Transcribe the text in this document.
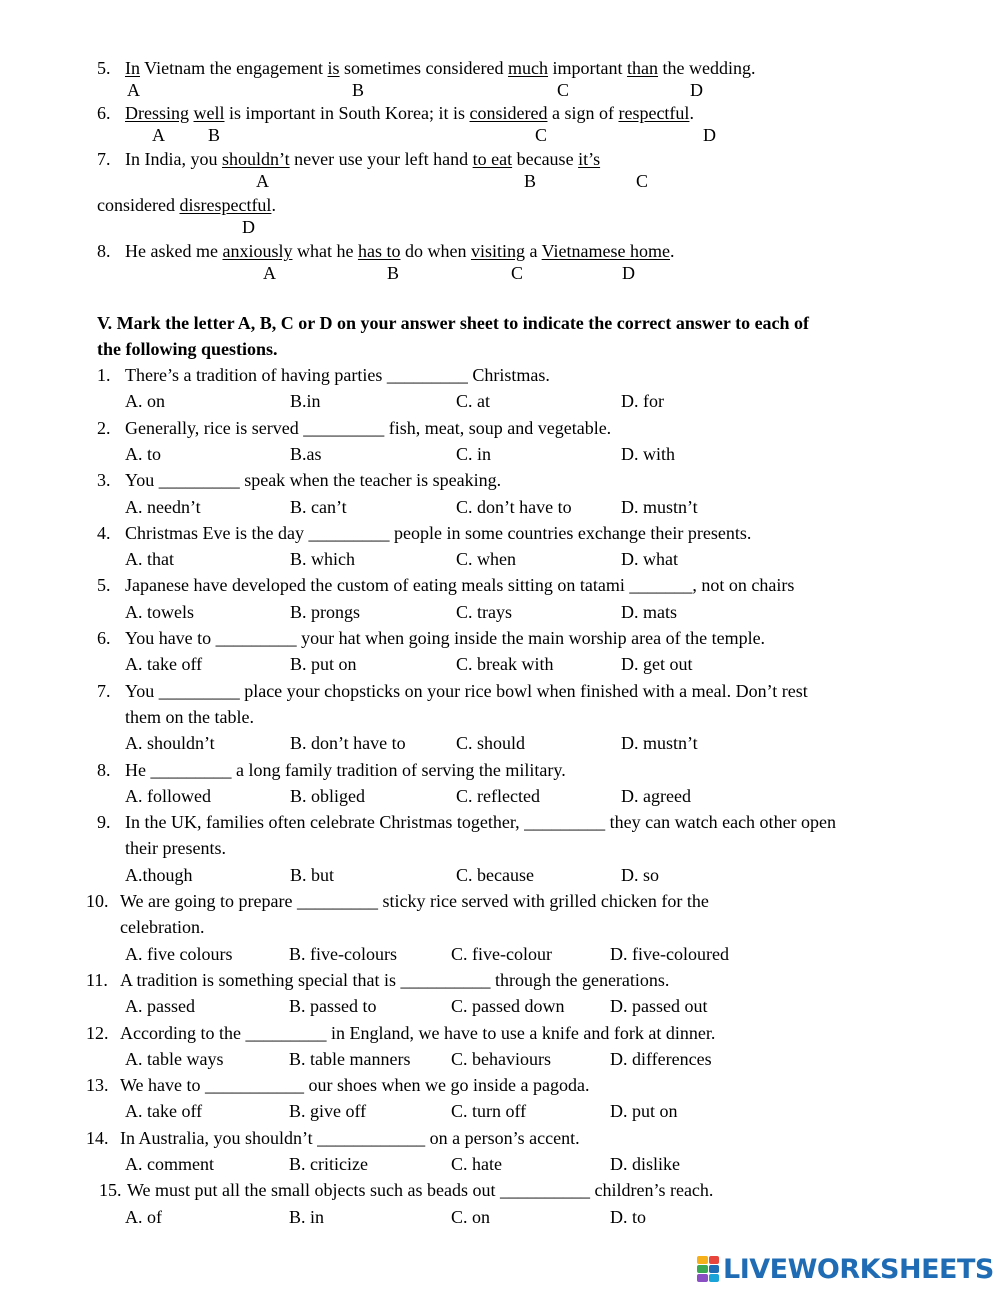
5. In Vietnam the engagement is sometimes considered much important than the wedding.
A	B	C	D
6. Dressing well is important in South Korea; it is considered a sign of respectful.
A B	C	D
7. In India, you shouldn’t never use your left hand to eat because it’s
A	B	C
considered disrespectful.
D
8. He asked me anxiously what he has to do when visiting a Vietnamese home.
A	B	C	D
V. Mark the letter A, B, C or D on your answer sheet to indicate the correct answer to each of
the following questions.
1. There’s a tradition of having parties _________ Christmas.
A. on	B.in	C. at	D. for
2. Generally, rice is served _________ fish, meat, soup and vegetable.
A. to	B.as	C. in	D. with
3. You _________ speak when the teacher is speaking.
A. needn’t	B. can’t	C. don’t have to	D. mustn’t
4. Christmas Eve is the day _________ people in some countries exchange their presents.
A. that	B. which	C. when	D. what
5. Japanese have developed the custom of eating meals sitting on tatami _______, not on chairs
A. towels	B. prongs	C. trays	D. mats
6. You have to _________ your hat when going inside the main worship area of the temple.
A. take off	B. put on	C. break with	D. get out
7. You _________ place your chopsticks on your rice bowl when finished with a meal. Don’t rest
them on the table.
A. shouldn’t	B. don’t have to	C. should	D. mustn’t
8. He _________ a long family tradition of serving the military.
A. followed	B. obliged	C. reflected	D. agreed
9. In the UK, families often celebrate Christmas together, _________ they can watch each other open
their presents.
A.though	B. but	C. because	D. so
10. We are going to prepare _________ sticky rice served with grilled chicken for the
celebration.
A. five colours	B. five-colours	C. five-colour	D. five-coloured
11. A tradition is something special that is __________ through the generations.
A. passed	B. passed to	C. passed down	D. passed out
12. According to the _________ in England, we have to use a knife and fork at dinner.
A. table ways	B. table manners C. behaviours	D. differences
13. We have to ___________ our shoes when we go inside a pagoda.
A. take off	B. give off	C. turn off	D. put on
14. In Australia, you shouldn’t ____________ on a person’s accent.
A. comment	B. criticize	C. hate	D. dislike
15. We must put all the small objects such as beads out __________ children’s reach.
A. of	B. in	C. on	D. to
LIVEWORKSHEETS
